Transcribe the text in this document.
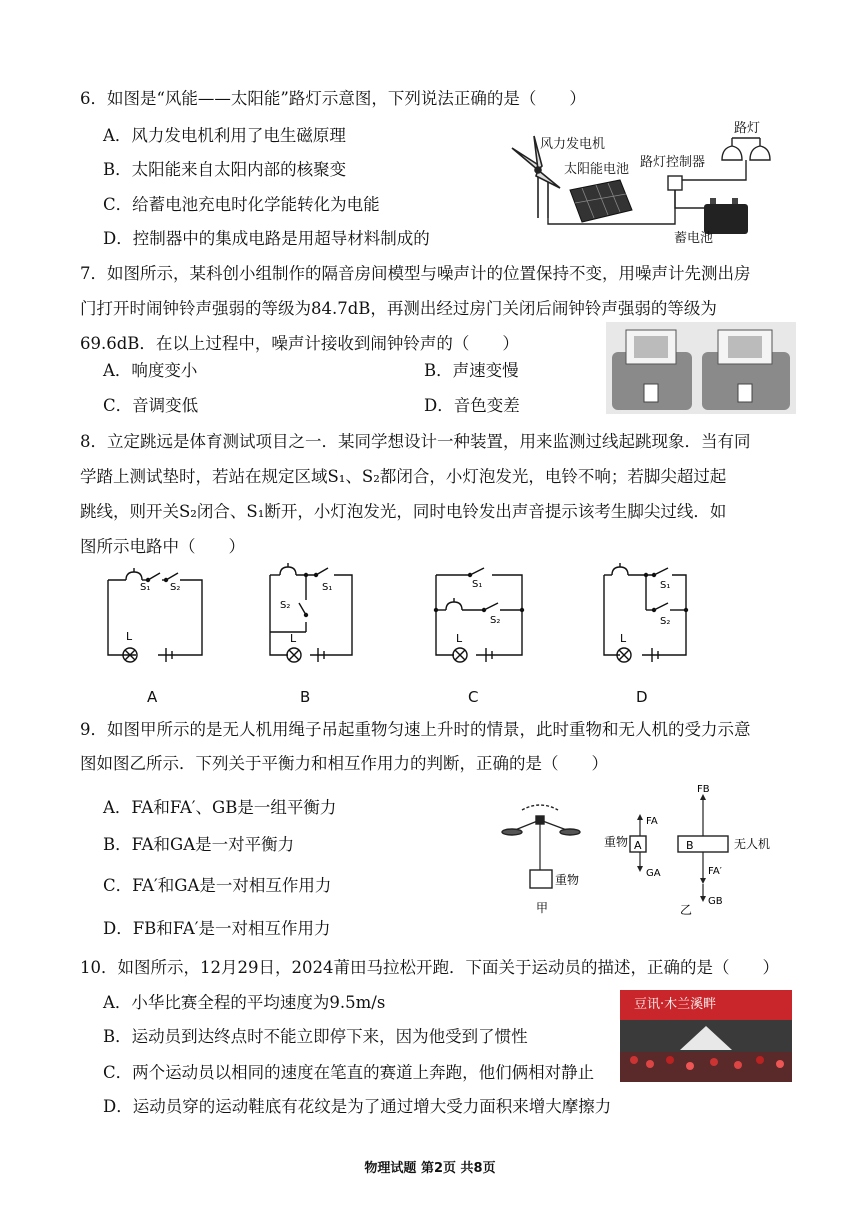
6．如图是“风能——太阳能”路灯示意图，下列说法正确的是（　　）
A．风力发电机利用了电生磁原理
B．太阳能来自太阳内部的核聚变
C．给蓄电池充电时化学能转化为电能
D．控制器中的集成电路是用超导材料制成的
风力发电机
太阳能电池 路灯控制器
路灯
蓄电池
7．如图所示，某科创小组制作的隔音房间模型与噪声计的位置保持不变，用噪声计先测出房
门打开时闹钟铃声强弱的等级为84.7dB，再测出经过房门关闭后闹钟铃声强弱的等级为
69.6dB．在以上过程中，噪声计接收到闹钟铃声的（　　）
A．响度变小	B．声速变慢
C．音调变低	D．音色变差
8．立定跳远是体育测试项目之一．某同学想设计一种装置，用来监测过线起跳现象．当有同
学踏上测试垫时，若站在规定区域S₁、S₂都闭合，小灯泡发光，电铃不响；若脚尖超过起
跳线，则开关S₂闭合、S₁断开，小灯泡发光，同时电铃发出声音提示该考生脚尖过线．如
图所示电路中（　　）
S₁ S₂
L
S₁
S₂
L
S₁
S₂
L
S₁
S₂
L
A	B	C	D
9．如图甲所示的是无人机用绳子吊起重物匀速上升时的情景，此时重物和无人机的受力示意
图如图乙所示．下列关于平衡力和相互作用力的判断，正确的是（　　）
A．FA和FA′、GB是一组平衡力
B．FA和GA是一对平衡力
C．FA′和GA是一对相互作用力
D．FB和FA′是一对相互作用力
重物
甲
重物 A
FA
GA
B	无人机
FB
FA′
GB
乙
10．如图所示，12月29日，2024莆田马拉松开跑．下面关于运动员的描述，正确的是（　　）
A．小华比赛全程的平均速度为9.5m/s
B．运动员到达终点时不能立即停下来，因为他受到了惯性
C．两个运动员以相同的速度在笔直的赛道上奔跑，他们俩相对静止
D．运动员穿的运动鞋底有花纹是为了通过增大受力面积来增大摩擦力
豆讯·木兰溪畔
物理试题 第2页 共8页
